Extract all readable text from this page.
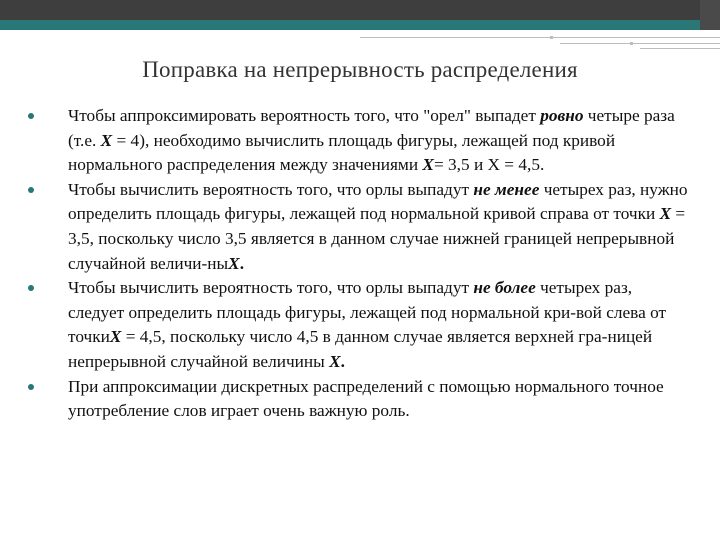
Поправка на непрерывность распределения
Чтобы аппроксимировать вероятность того, что "орел" выпадет ровно четыре раза (т.е. X = 4), необходимо вычислить площадь фигуры, лежащей под кривой нормального распределения между значениями X= 3,5 и X = 4,5.
Чтобы вычислить вероятность того, что орлы выпадут не менее четырех раз, нужно определить площадь фигуры, лежащей под нормальной кривой справа от точки X = 3,5, поскольку число 3,5 является в данном случае нижней границей непрерывной случайной величи-ныX.
Чтобы вычислить вероятность того, что орлы выпадут не более четырех раз, следует определить площадь фигуры, лежащей под нормальной кри-вой слева от точкиX = 4,5, поскольку число 4,5 в данном случае является верхней гра-ницей непрерывной случайной величины X.
При аппроксимации дискретных распределений с помощью нормального точное употребление слов играет очень важную роль.
